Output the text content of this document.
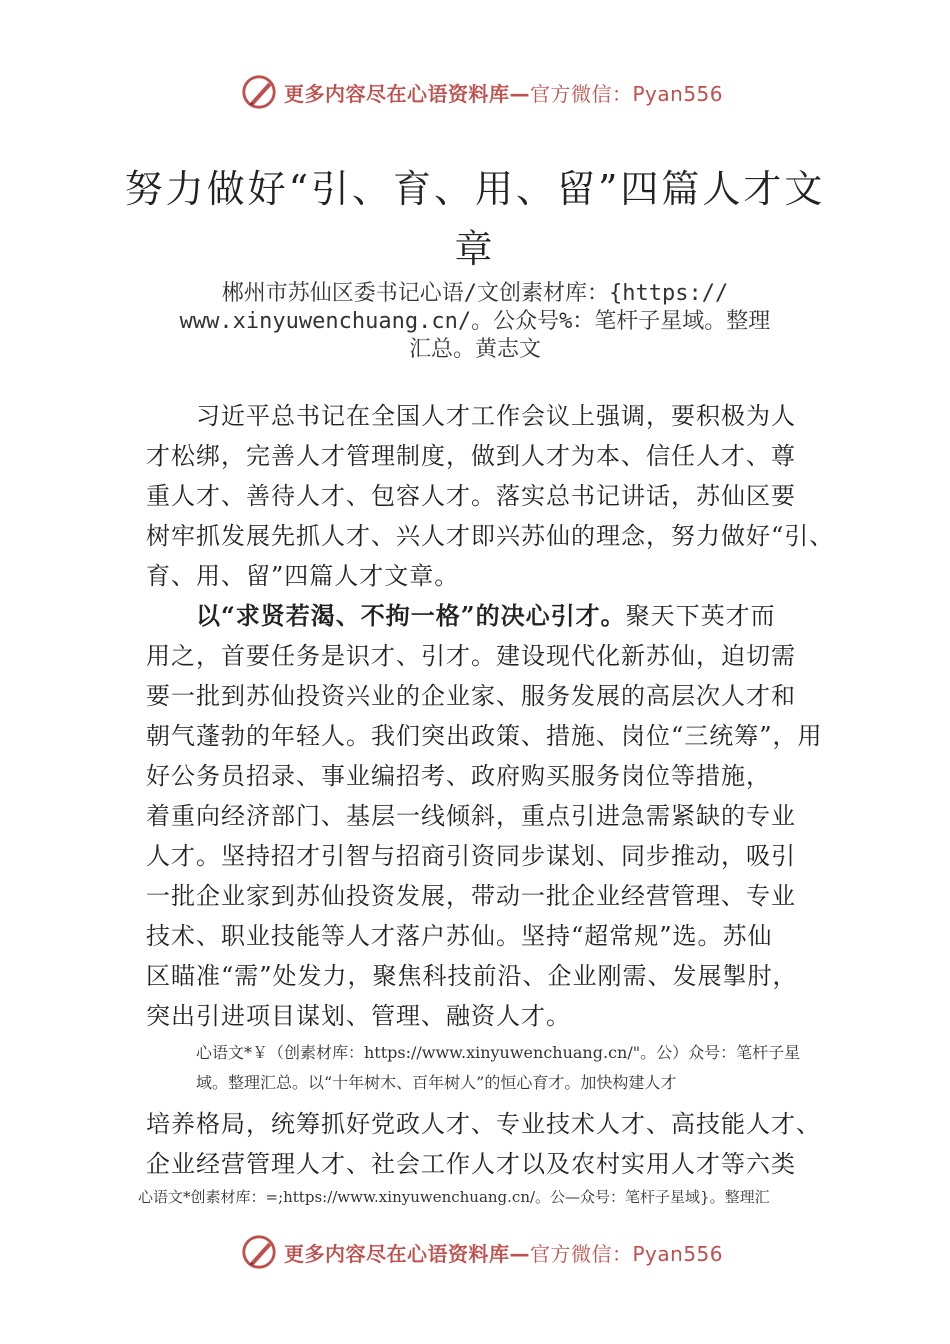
更多内容尽在心语资料库—官方微信：Pyan556
努力做好“引、育、用、留”四篇人才文
章
郴州市苏仙区委书记心语/文创素材库：{https://
www.xinyuwenchuang.cn/。公众号%：笔杆子星域。整理
汇总。黄志文
习近平总书记在全国人才工作会议上强调，要积极为人
才松绑，完善人才管理制度，做到人才为本、信任人才、尊
重人才、善待人才、包容人才。落实总书记讲话，苏仙区要
树牢抓发展先抓人才、兴人才即兴苏仙的理念，努力做好“引、
育、用、留”四篇人才文章。
以“求贤若渴、不拘一格”的决心引才。聚天下英才而
用之，首要任务是识才、引才。建设现代化新苏仙，迫切需
要一批到苏仙投资兴业的企业家、服务发展的高层次人才和
朝气蓬勃的年轻人。我们突出政策、措施、岗位“三统筹”，用
好公务员招录、事业编招考、政府购买服务岗位等措施，
着重向经济部门、基层一线倾斜，重点引进急需紧缺的专业
人才。坚持招才引智与招商引资同步谋划、同步推动，吸引
一批企业家到苏仙投资发展，带动一批企业经营管理、专业
技术、职业技能等人才落户苏仙。坚持“超常规”选。苏仙
区瞄准“需”处发力，聚焦科技前沿、企业刚需、发展掣肘，
突出引进项目谋划、管理、融资人才。
心语文*￥（创素材库：https://www.xinyuwenchuang.cn/"。公）众号：笔杆子星
域。整理汇总。以“十年树木、百年树人”的恒心育才。加快构建人才
培养格局，统筹抓好党政人才、专业技术人才、高技能人才、
企业经营管理人才、社会工作人才以及农村实用人才等六类
心语文*创素材库：=;https://www.xinyuwenchuang.cn/。公—众号：笔杆子星域}。整理汇
更多内容尽在心语资料库—官方微信：Pyan556
